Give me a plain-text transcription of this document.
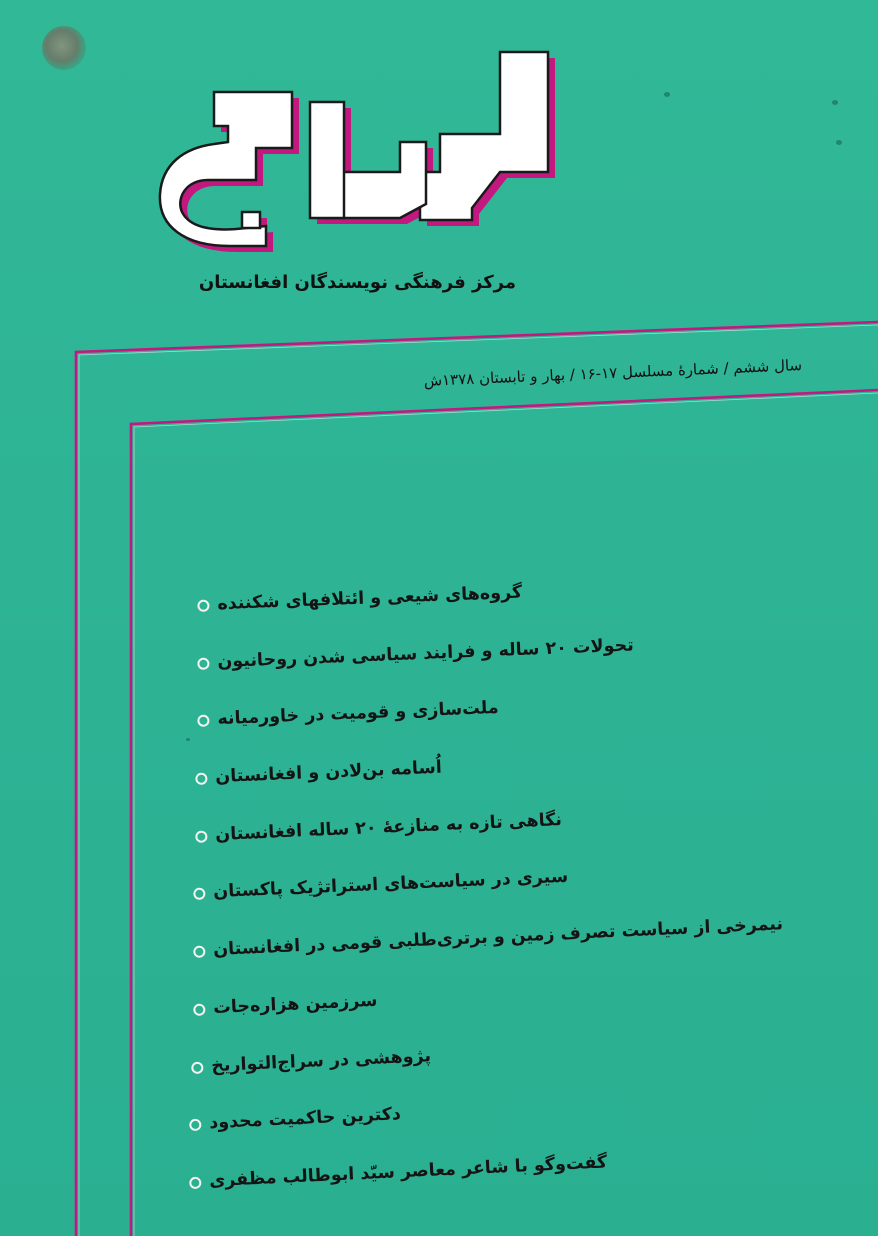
مرکز فرهنگی نویسندگان افغانستان
سال ششم / شمارهٔ مسلسل ۱۷-۱۶ / بهار و تابستان ۱۳۷۸ش
گروه‌های شیعی و ائتلافهای شکننده
تحولات ۲۰ ساله و فرایند سیاسی شدن روحانیون
ملت‌سازی و قومیت در خاورمیانه
اُسامه بن‌لادن و افغانستان
نگاهی تازه به منازعهٔ ۲۰ ساله افغانستان
سیری در سیاست‌های استراتژیک پاکستان
نیمرخی از سیاست تصرف زمین و برتری‌طلبی قومی در افغانستان
سرزمین هزاره‌جات
پژوهشی در سراج‌التواریخ
دکترین حاکمیت محدود
گفت‌وگو با شاعر معاصر سیّد ابوطالب مظفری
